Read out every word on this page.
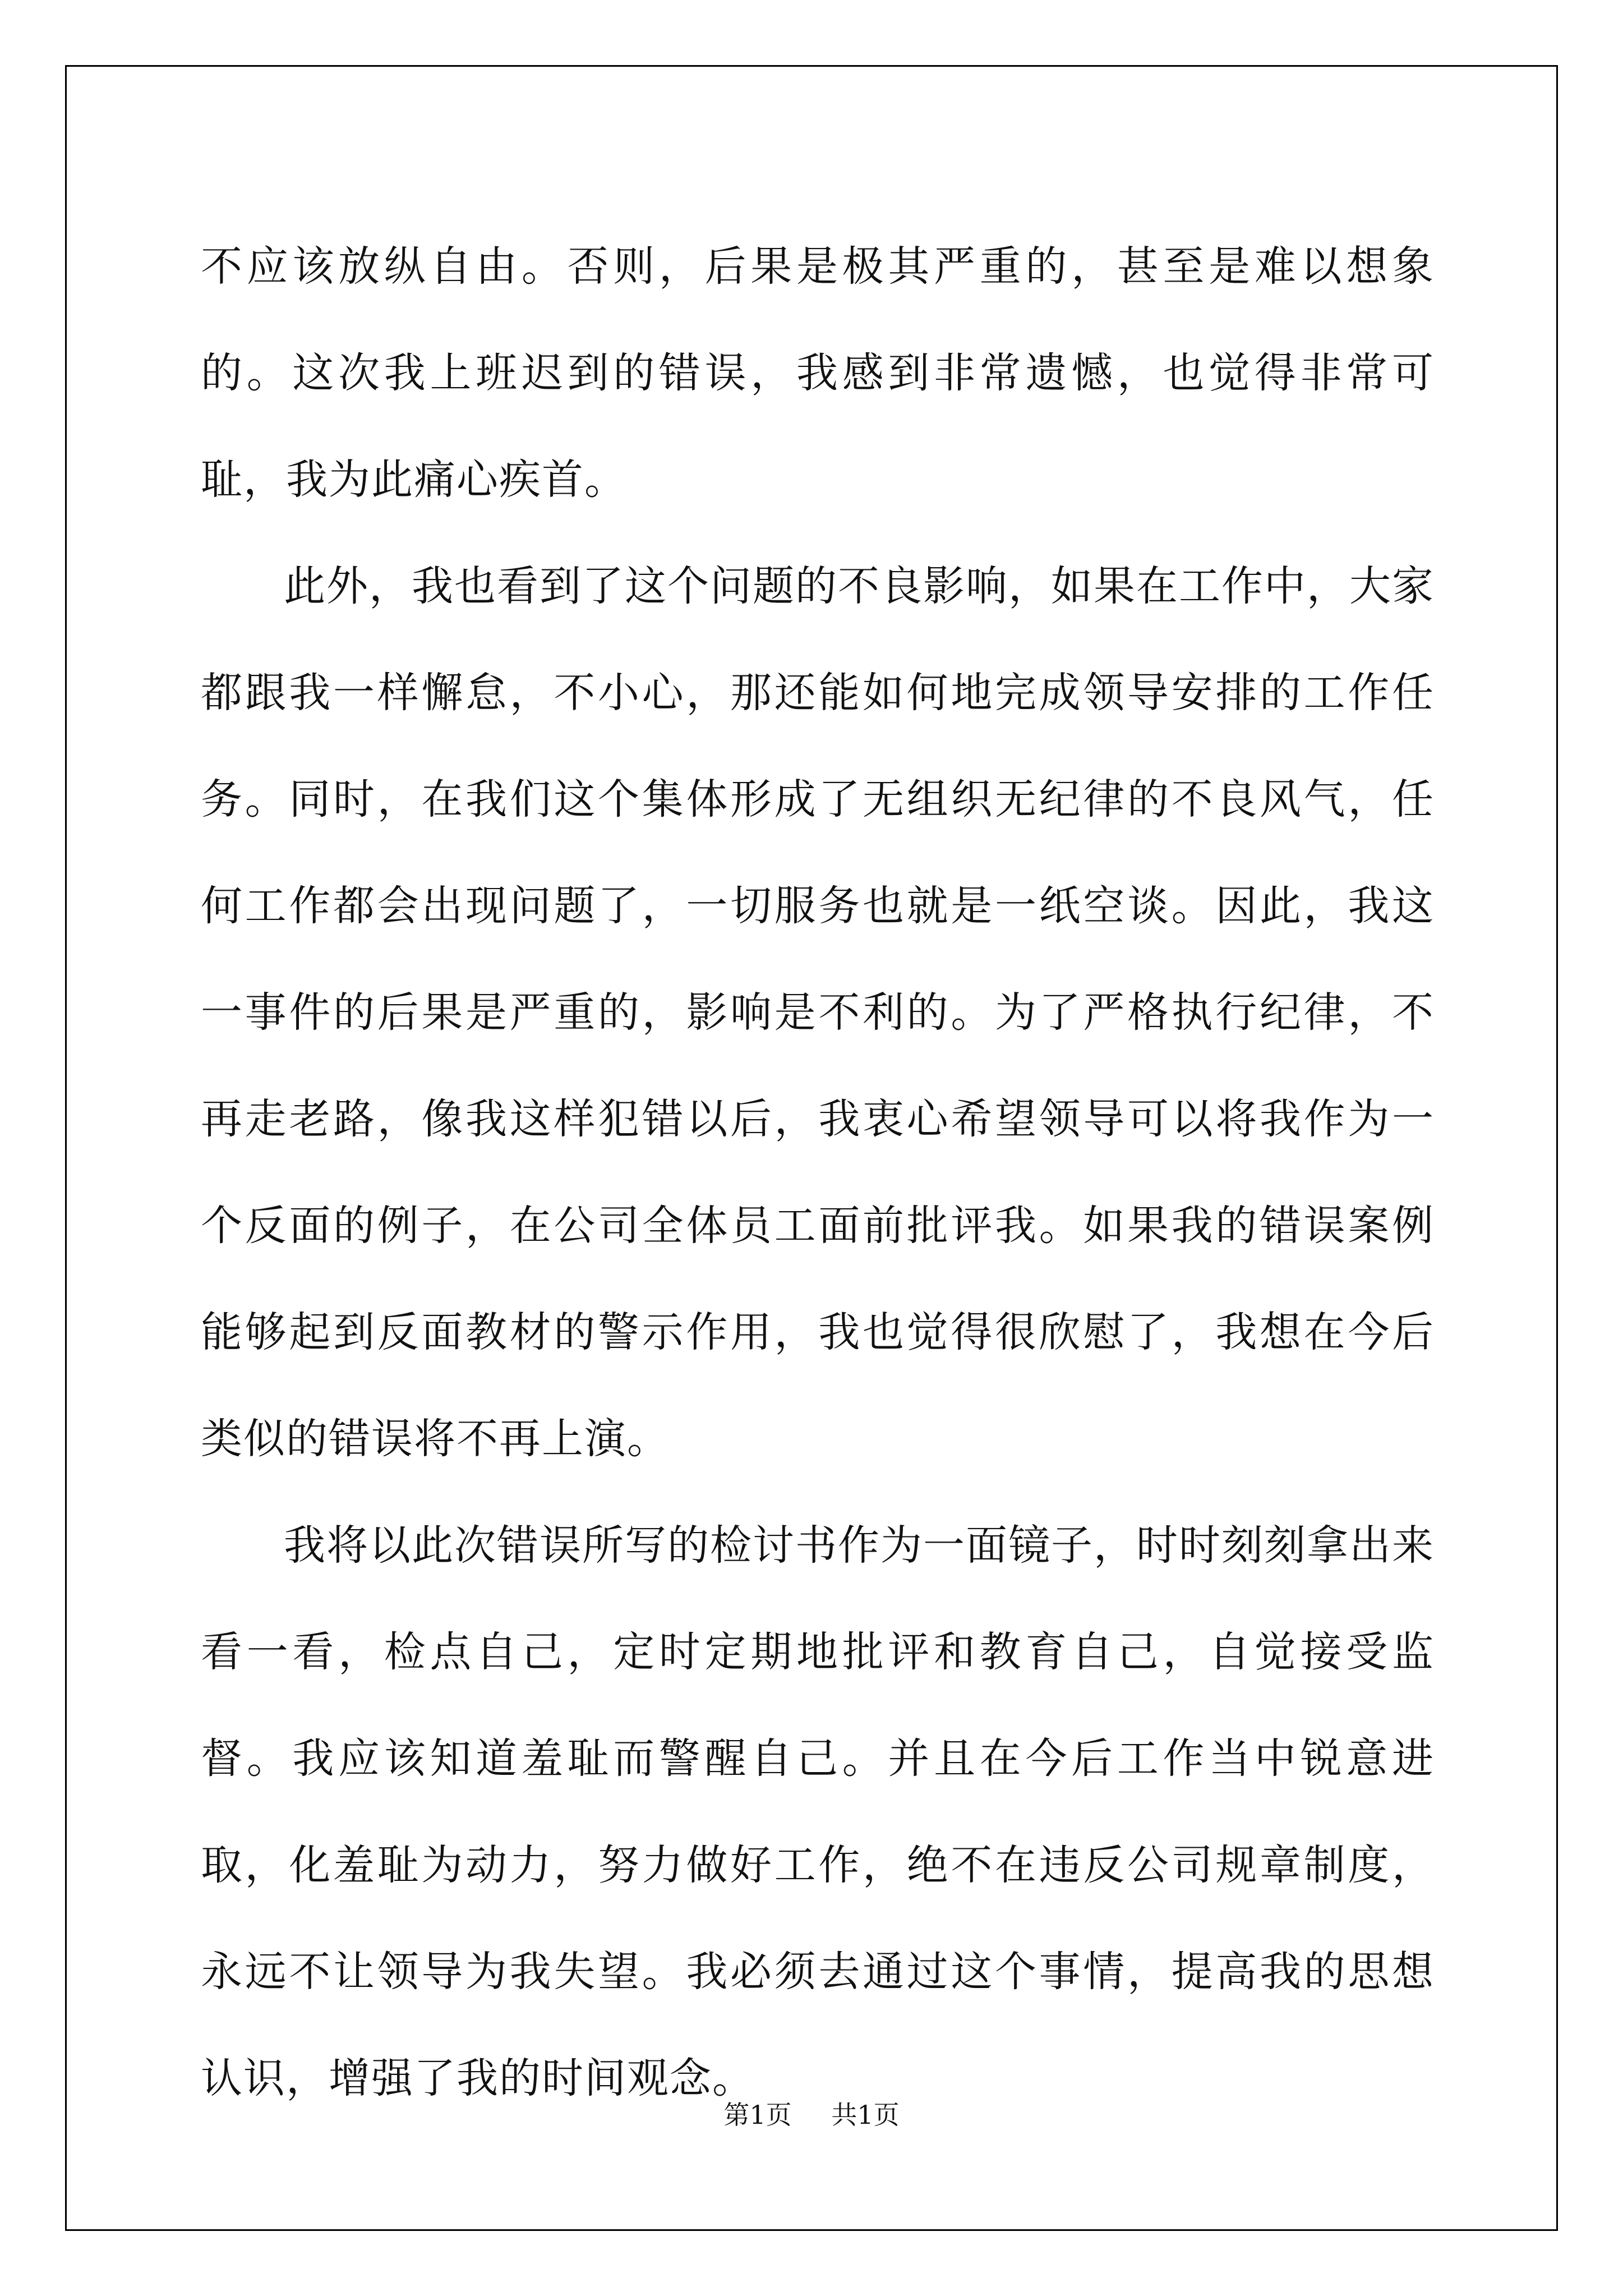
不应该放纵自由。否则，后果是极其严重的，甚至是难以想象的。这次我上班迟到的错误，我感到非常遗憾，也觉得非常可耻，我为此痛心疾首。

此外，我也看到了这个问题的不良影响，如果在工作中，大家都跟我一样懈怠，不小心，那还能如何地完成领导安排的工作任务。同时，在我们这个集体形成了无组织无纪律的不良风气，任何工作都会出现问题了，一切服务也就是一纸空谈。因此，我这一事件的后果是严重的，影响是不利的。为了严格执行纪律，不再走老路，像我这样犯错以后，我衷心希望领导可以将我作为一个反面的例子，在公司全体员工面前批评我。如果我的错误案例能够起到反面教材的警示作用，我也觉得很欣慰了，我想在今后类似的错误将不再上演。

我将以此次错误所写的检讨书作为一面镜子，时时刻刻拿出来看一看，检点自己，定时定期地批评和教育自己，自觉接受监督。我应该知道羞耻而警醒自己。并且在今后工作当中锐意进取，化羞耻为动力，努力做好工作，绝不在违反公司规章制度，永远不让领导为我失望。我必须去通过这个事情，提高我的思想认识，增强了我的时间观念。

第1页 共1页
